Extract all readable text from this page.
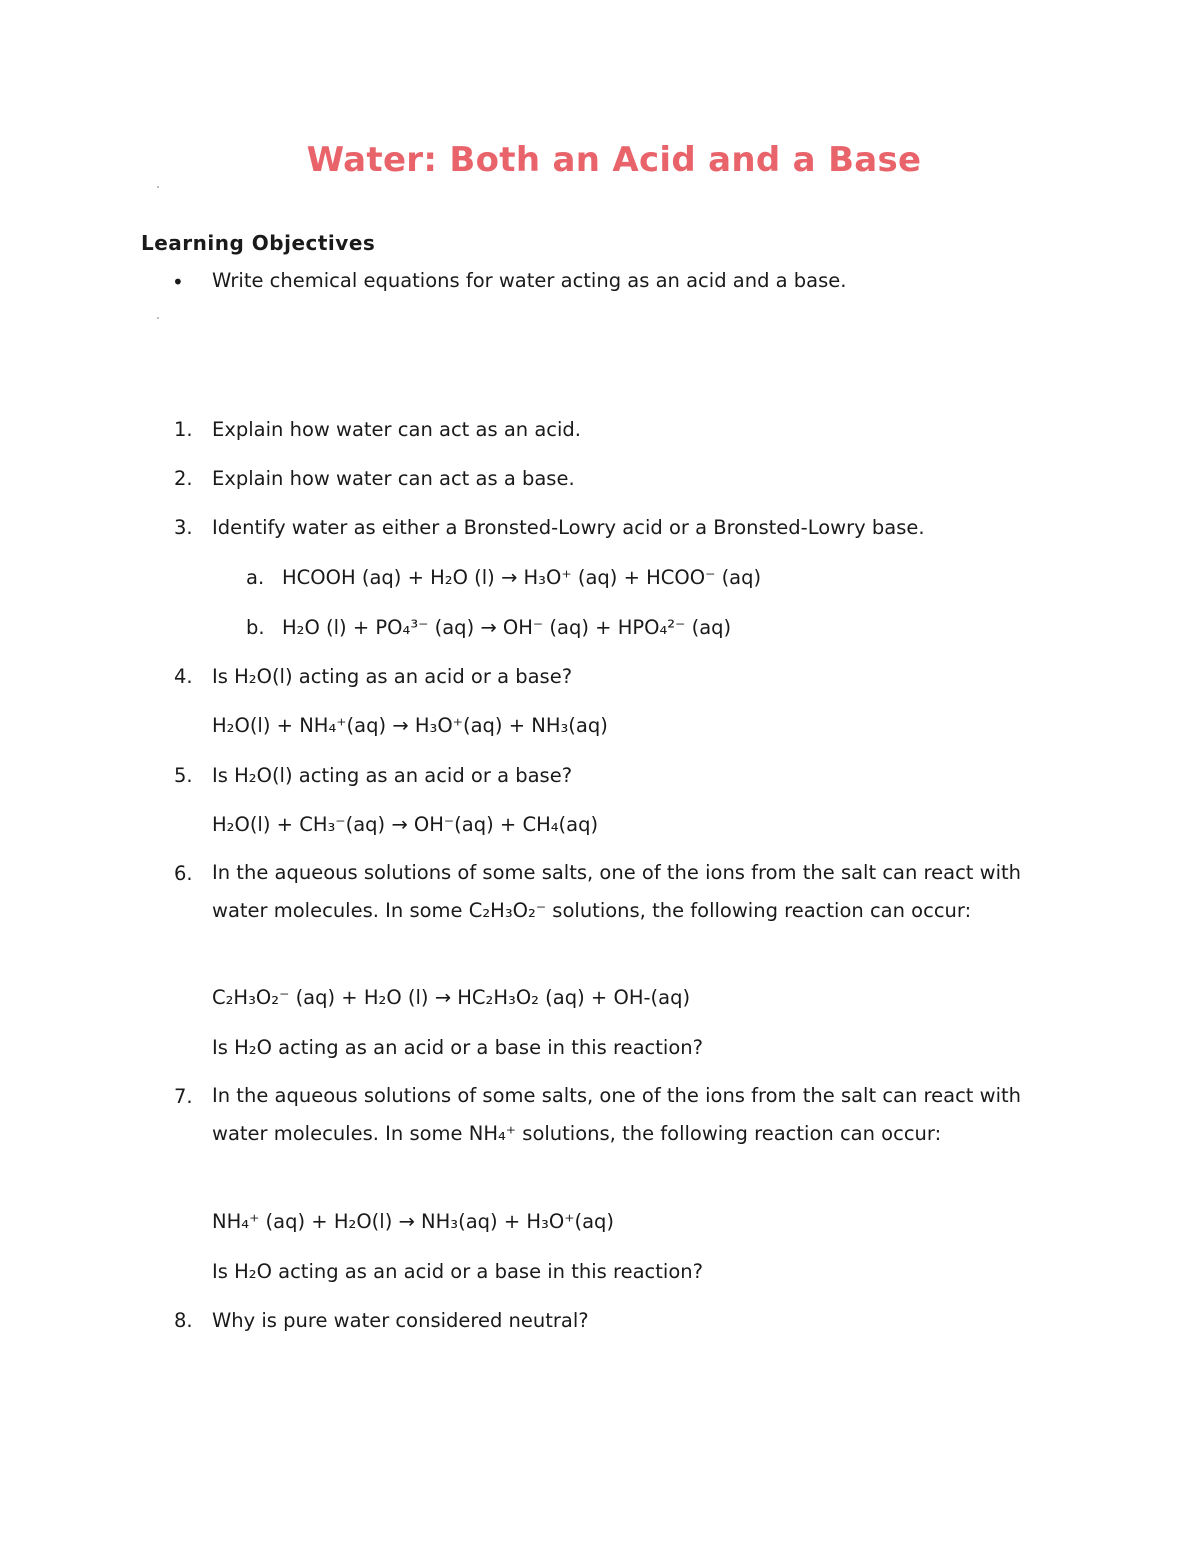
Water: Both an Acid and a Base
Learning Objectives
• Write chemical equations for water acting as an acid and a base.
1. Explain how water can act as an acid.
2. Explain how water can act as a base.
3. Identify water as either a Bronsted-Lowry acid or a Bronsted-Lowry base.
a. HCOOH (aq) + H₂O (l) → H₃O⁺ (aq) + HCOO⁻ (aq)
b. H₂O (l) + PO₄³⁻ (aq) → OH⁻ (aq) + HPO₄²⁻ (aq)
4. Is H₂O(l) acting as an acid or a base?
H₂O(l) + NH₄⁺(aq) → H₃O⁺(aq) + NH₃(aq)
5. Is H₂O(l) acting as an acid or a base?
H₂O(l) + CH₃⁻(aq) → OH⁻(aq) + CH₄(aq)
6. In the aqueous solutions of some salts, one of the ions from the salt can react with water molecules. In some C₂H₃O₂⁻ solutions, the following reaction can occur:
C₂H₃O₂⁻ (aq) + H₂O (l) → HC₂H₃O₂ (aq) + OH-(aq)
Is H₂O acting as an acid or a base in this reaction?
7. In the aqueous solutions of some salts, one of the ions from the salt can react with water molecules. In some NH₄⁺ solutions, the following reaction can occur:
NH₄⁺ (aq) + H₂O(l) → NH₃(aq) + H₃O⁺(aq)
Is H₂O acting as an acid or a base in this reaction?
8. Why is pure water considered neutral?
